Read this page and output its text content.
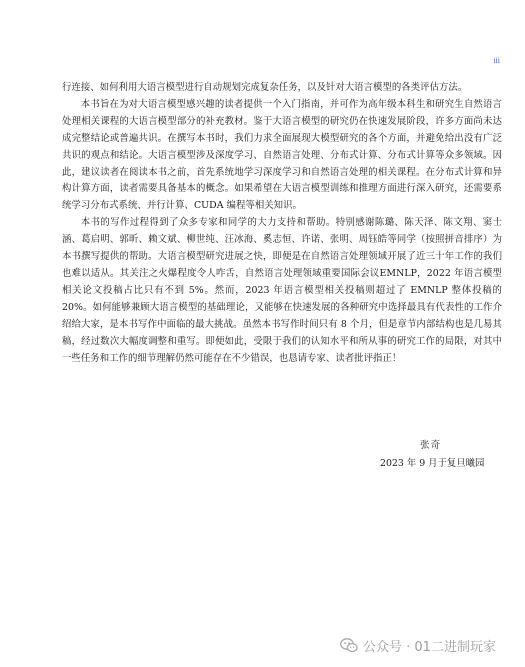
iii

行连接、如何利用大语言模型进行自动规划完成复杂任务，以及针对大语言模型的各类评估方法。

本书旨在为对大语言模型感兴趣的读者提供一个入门指南，并可作为高年级本科生和研究生自然语言处理相关课程的大语言模型部分的补充教材。鉴于大语言模型的研究仍在快速发展阶段，许多方面尚未达成完整结论或普遍共识。在撰写本书时，我们力求全面展现大模型研究的各个方面，并避免给出没有广泛共识的观点和结论。大语言模型涉及深度学习、自然语言处理、分布式计算、分布式计算等众多领域。因此，建议读者在阅读本书之前，首先系统地学习深度学习和自然语言处理的相关课程。在分布式计算和异构计算方面，读者需要具备基本的概念。如果希望在大语言模型训练和推理方面进行深入研究，还需要系统学习分布式系统、并行计算、CUDA 编程等相关知识。

本书的写作过程得到了众多专家和同学的大力支持和帮助。特别感谢陈璐、陈天泽、陈文翔、窦士涵、葛启明、郭昕、赖文斌、柳世纯、汪冰海、奚志恒、许诺、张明、周钰皓等同学（按照拼音排序）为本书撰写提供的帮助。大语言模型研究进展之快，即便是在自然语言处理领域开展了近三十年工作的我们也难以适从。其关注之火爆程度令人咋舌，自然语言处理领域重要国际会议EMNLP，2022 年语言模型相关论文投稿占比只有不到 5%。然而，2023 年语言模型相关投稿则超过了 EMNLP 整体投稿的 20%。如何能够兼顾大语言模型的基础理论，又能够在快速发展的各种研究中选择最具有代表性的工作介绍给大家，是本书写作中面临的最大挑战。虽然本书写作时间只有 8 个月，但是章节内部结构也是几易其稿，经过数次大幅度调整和重写。即便如此，受限于我们的认知水平和所从事的研究工作的局限，对其中一些任务和工作的细节理解仍然可能存在不少错误，也恳请专家、读者批评指正！

张奇
2023 年 9 月于复旦曦园
公众号 · 01二进制玩家
